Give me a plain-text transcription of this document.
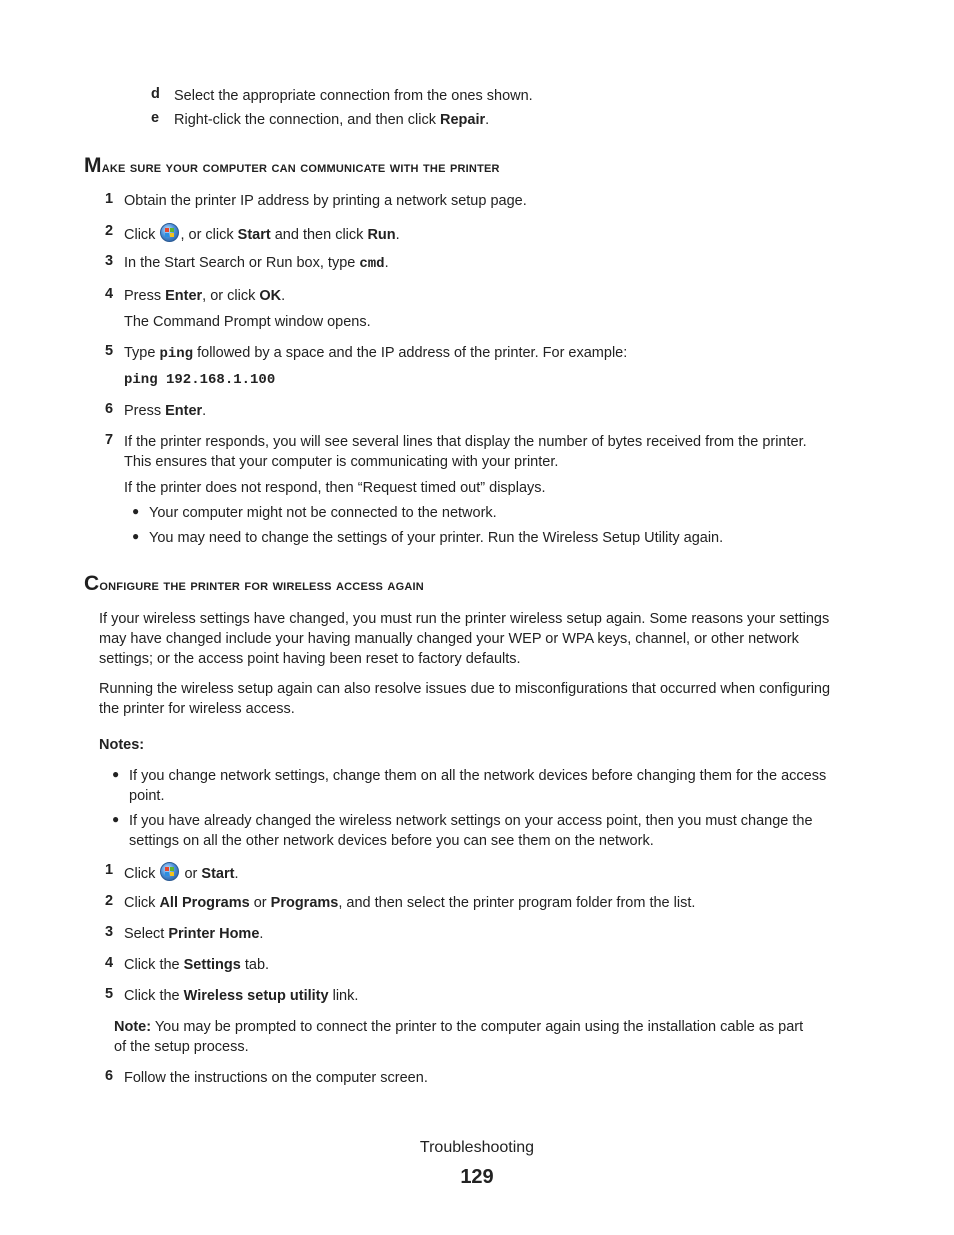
d Select the appropriate connection from the ones shown.
e	Right-click the connection, and then click Repair.
Make sure your computer can communicate with the printer
1 Obtain the printer IP address by printing a network setup page.
2 Click , or click Start and then click Run.
3 In the Start Search or Run box, type cmd.
4 Press Enter, or click OK.
The Command Prompt window opens.
5 Type ping followed by a space and the IP address of the printer. For example:
ping 192.168.1.100
6 Press Enter.
7 If the printer responds, you will see several lines that display the number of bytes received from the printer.
This ensures that your computer is communicating with your printer.
If the printer does not respond, then “Request timed out” displays.
● Your computer might not be connected to the network.
● You may need to change the settings of your printer. Run the Wireless Setup Utility again.
Configure the printer for wireless access again
If your wireless settings have changed, you must run the printer wireless setup again. Some reasons your settings
may have changed include your having manually changed your WEP or WPA keys, channel, or other network
settings; or the access point having been reset to factory defaults.
Running the wireless setup again can also resolve issues due to misconfigurations that occurred when configuring
the printer for wireless access.
Notes:
● If you change network settings, change them on all the network devices before changing them for the access
point.
● If you have already changed the wireless network settings on your access point, then you must change the
settings on all the other network devices before you can see them on the network.
1 Click  or Start.
2 Click All Programs or Programs, and then select the printer program folder from the list.
3 Select Printer Home.
4 Click the Settings tab.
5 Click the Wireless setup utility link.
Note: You may be prompted to connect the printer to the computer again using the installation cable as part
of the setup process.
6 Follow the instructions on the computer screen.
Troubleshooting
129
